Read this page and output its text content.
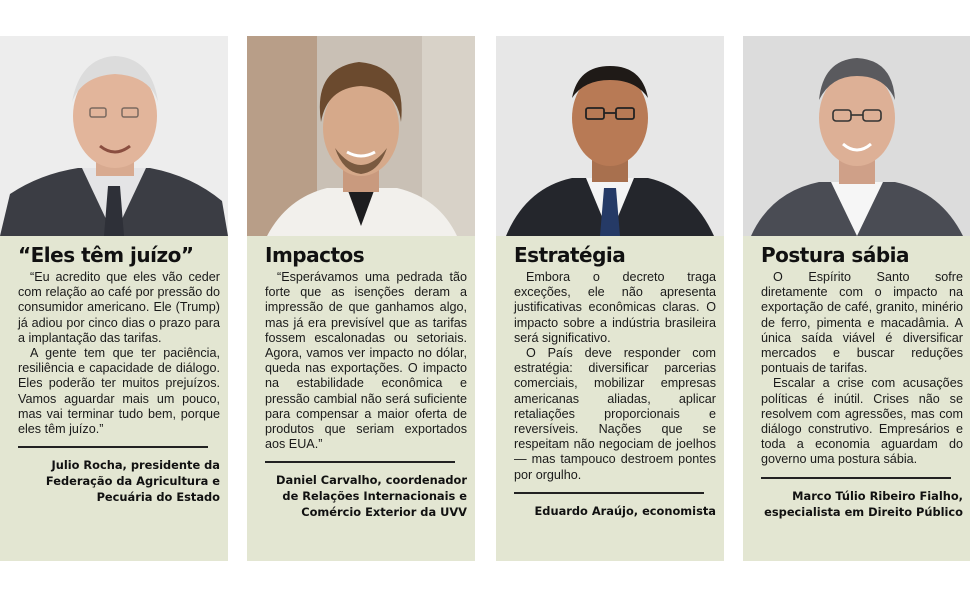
“Eles têm juízo”

“Eu acredito que eles vão ceder com relação ao café por pressão do consumidor americano. Ele (Trump) já adiou por cinco dias o prazo para a implantação das tarifas.

A gente tem que ter paciência, resiliência e capacidade de diálogo. Eles poderão ter muitos prejuízos. Vamos aguardar mais um pouco, mas vai terminar tudo bem, porque eles têm juízo.”

Julio Rocha, presidente da Federação da Agricultura e Pecuária do Estado
Impactos

“Esperávamos uma pedrada tão forte que as isenções deram a impressão de que ganhamos algo, mas já era previsível que as tarifas fossem escalonadas ou setoriais. Agora, vamos ver impacto no dólar, queda nas exportações. O impacto na estabilidade econômica e pressão cambial não será suficiente para compensar a maior oferta de produtos que seriam exportados aos EUA.”

Daniel Carvalho, coordenador de Relações Internacionais e Comércio Exterior da UVV
Estratégia

Embora o decreto traga exceções, ele não apresenta justificativas econômicas claras. O impacto sobre a indústria brasileira será significativo.

O País deve responder com estratégia: diversificar parcerias comerciais, mobilizar empresas americanas aliadas, aplicar retaliações proporcionais e reversíveis. Nações que se respeitam não negociam de joelhos — mas tampouco destroem pontes por orgulho.

Eduardo Araújo, economista
Postura sábia

O Espírito Santo sofre diretamente com o impacto na exportação de café, granito, minério de ferro, pimenta e macadâmia. A única saída viável é diversificar mercados e buscar reduções pontuais de tarifas.

Escalar a crise com acusações políticas é inútil. Crises não se resolvem com agressões, mas com diálogo construtivo. Empresários e toda a economia aguardam do governo uma postura sábia.

Marco Túlio Ribeiro Fialho, especialista em Direito Público
